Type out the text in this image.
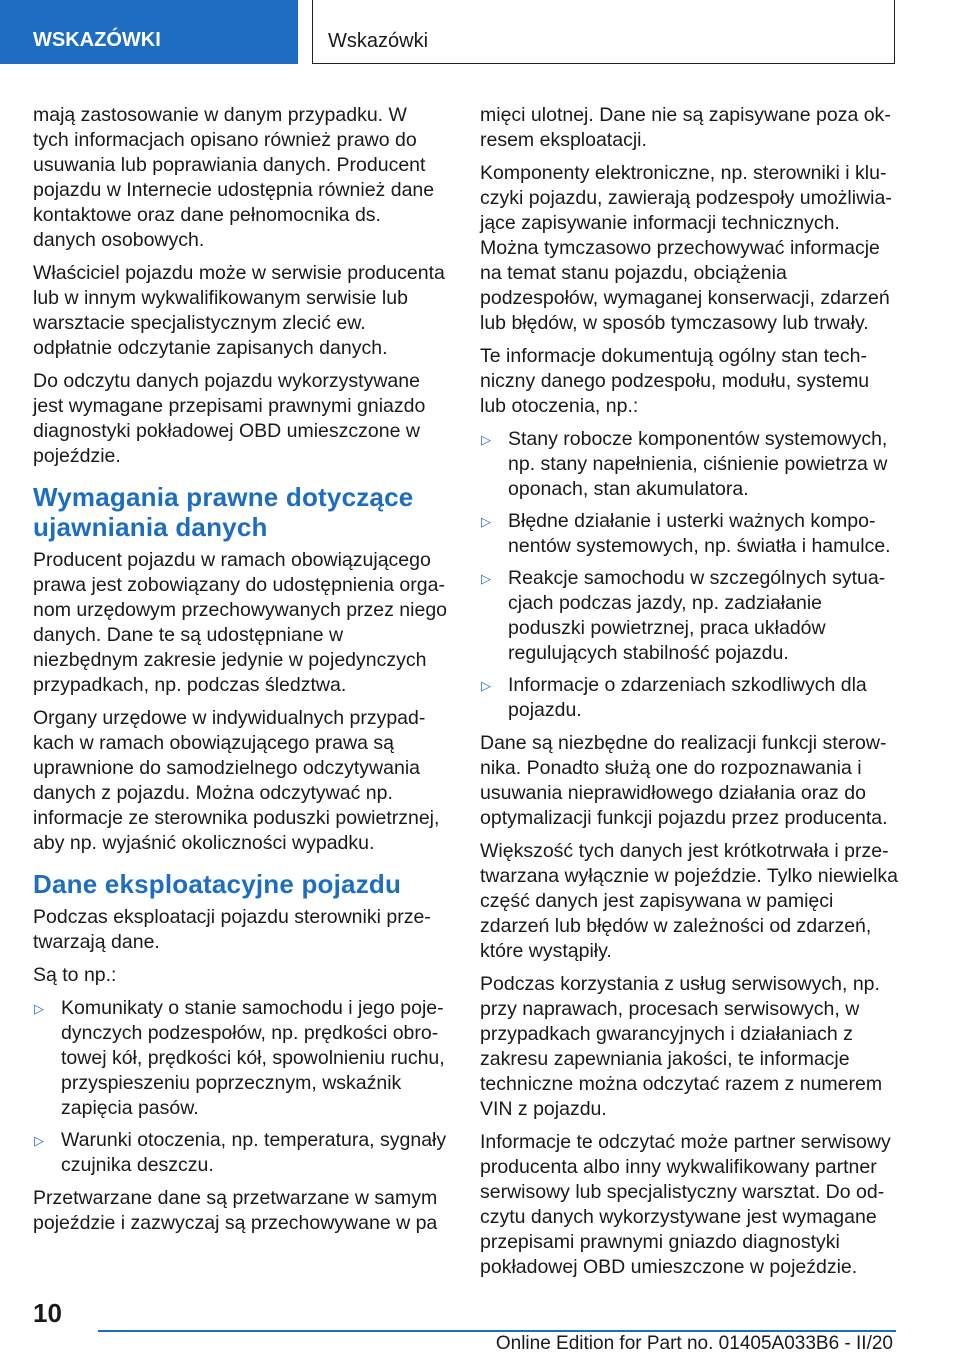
WSKAZÓWKI	Wskazówki

mają zastosowanie w danym przypadku. W tych informacjach opisano również prawo do usuwania lub poprawiania danych. Producent pojazdu w Internecie udostępnia również dane kontaktowe oraz dane pełnomocnika ds. danych osobowych.

Właściciel pojazdu może w serwisie producenta lub w innym wykwalifikowanym serwisie lub warsztacie specjalistycznym zlecić ew. odpłatnie odczytanie zapisanych danych.

Do odczytu danych pojazdu wykorzystywane jest wymagane przepisami prawnymi gniazdo diagnostyki pokładowej OBD umieszczone w pojeździe.

Wymagania prawne dotyczące ujawniania danych

Producent pojazdu w ramach obowiązującego prawa jest zobowiązany do udostępnienia organom urzędowym przechowywanych przez niego danych. Dane te są udostępniane w niezbędnym zakresie jedynie w pojedynczych przypadkach, np. podczas śledztwa.

Organy urzędowe w indywidualnych przypadkach w ramach obowiązującego prawa są uprawnione do samodzielnego odczytywania danych z pojazdu. Można odczytywać np. informacje ze sterownika poduszki powietrznej, aby np. wyjaśnić okoliczności wypadku.

Dane eksploatacyjne pojazdu

Podczas eksploatacji pojazdu sterowniki przetwarzają dane.

Są to np.:

▷ Komunikaty o stanie samochodu i jego pojedynczych podzespołów, np. prędkości obrotowej kół, prędkości kół, spowolnieniu ruchu, przyspieszeniu poprzecznym, wskaźnik zapięcia pasów.
▷ Warunki otoczenia, np. temperatura, sygnały czujnika deszczu.

Przetwarzane dane są przetwarzane w samym pojeździe i zazwyczaj są przechowywane w pa

mięci ulotnej. Dane nie są zapisywane poza okresem eksploatacji.

Komponenty elektroniczne, np. sterowniki i kluczyki pojazdu, zawierają podzespoły umożliwiające zapisywanie informacji technicznych. Można tymczasowo przechowywać informacje na temat stanu pojazdu, obciążenia podzespołów, wymaganej konserwacji, zdarzeń lub błędów, w sposób tymczasowy lub trwały.

Te informacje dokumentują ogólny stan techniczny danego podzespołu, modułu, systemu lub otoczenia, np.:

▷ Stany robocze komponentów systemowych, np. stany napełnienia, ciśnienie powietrza w oponach, stan akumulatora.
▷ Błędne działanie i usterki ważnych komponentów systemowych, np. światła i hamulce.
▷ Reakcje samochodu w szczególnych sytuacjach podczas jazdy, np. zadziałanie poduszki powietrznej, praca układów regulujących stabilność pojazdu.
▷ Informacje o zdarzeniach szkodliwych dla pojazdu.

Dane są niezbędne do realizacji funkcji sterownika. Ponadto służą one do rozpoznawania i usuwania nieprawidłowego działania oraz do optymalizacji funkcji pojazdu przez producenta.

Większość tych danych jest krótkotrwała i przetwarzana wyłącznie w pojeździe. Tylko niewielka część danych jest zapisywana w pamięci zdarzeń lub błędów w zależności od zdarzeń, które wystąpiły.

Podczas korzystania z usług serwisowych, np. przy naprawach, procesach serwisowych, w przypadkach gwarancyjnych i działaniach z zakresu zapewniania jakości, te informacje techniczne można odczytać razem z numerem VIN z pojazdu.

Informacje te odczytać może partner serwisowy producenta albo inny wykwalifikowany partner serwisowy lub specjalistyczny warsztat. Do odczytu danych wykorzystywane jest wymagane przepisami prawnymi gniazdo diagnostyki pokładowej OBD umieszczone w pojeździe.

10
Online Edition for Part no. 01405A033B6 - II/20
